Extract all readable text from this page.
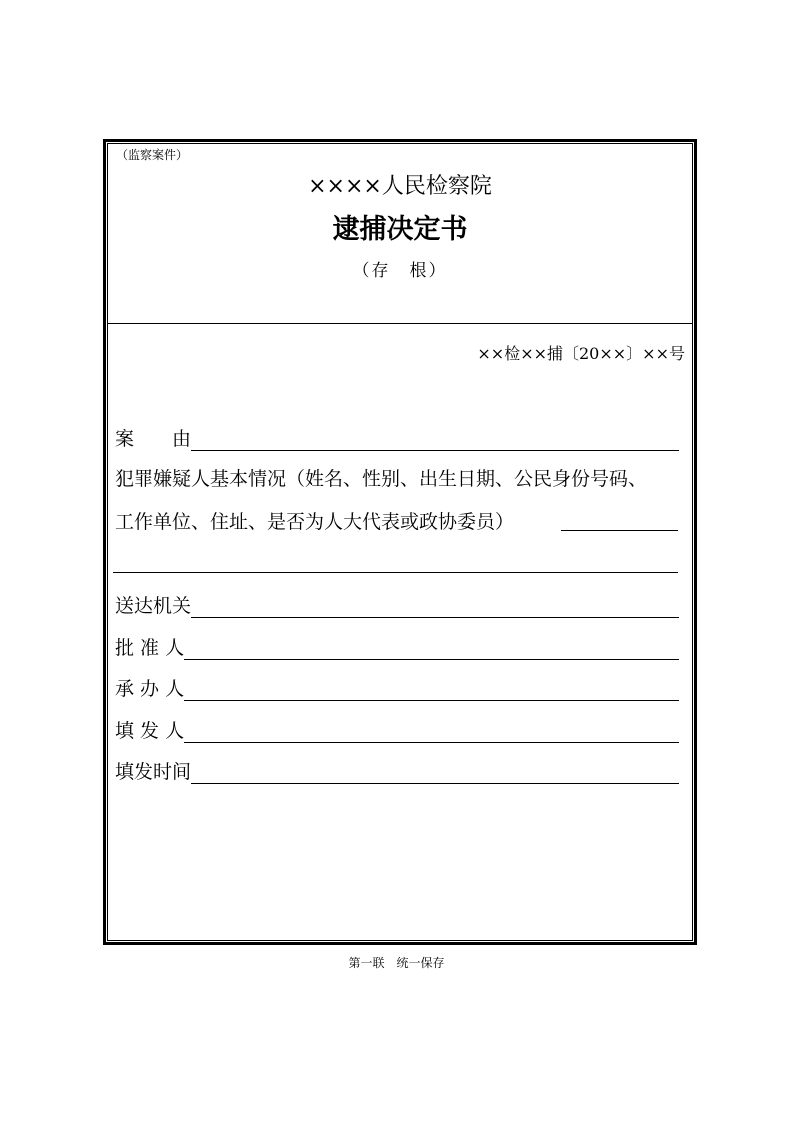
（监察案件）
××××人民检察院
逮捕决定书
（存　根）
××检××捕〔20××〕××号
案　　由
犯罪嫌疑人基本情况（姓名、性别、出生日期、公民身份号码、
工作单位、住址、是否为人大代表或政协委员）
送达机关
批 准 人
承 办 人
填 发 人
填发时间
第一联　统一保存
